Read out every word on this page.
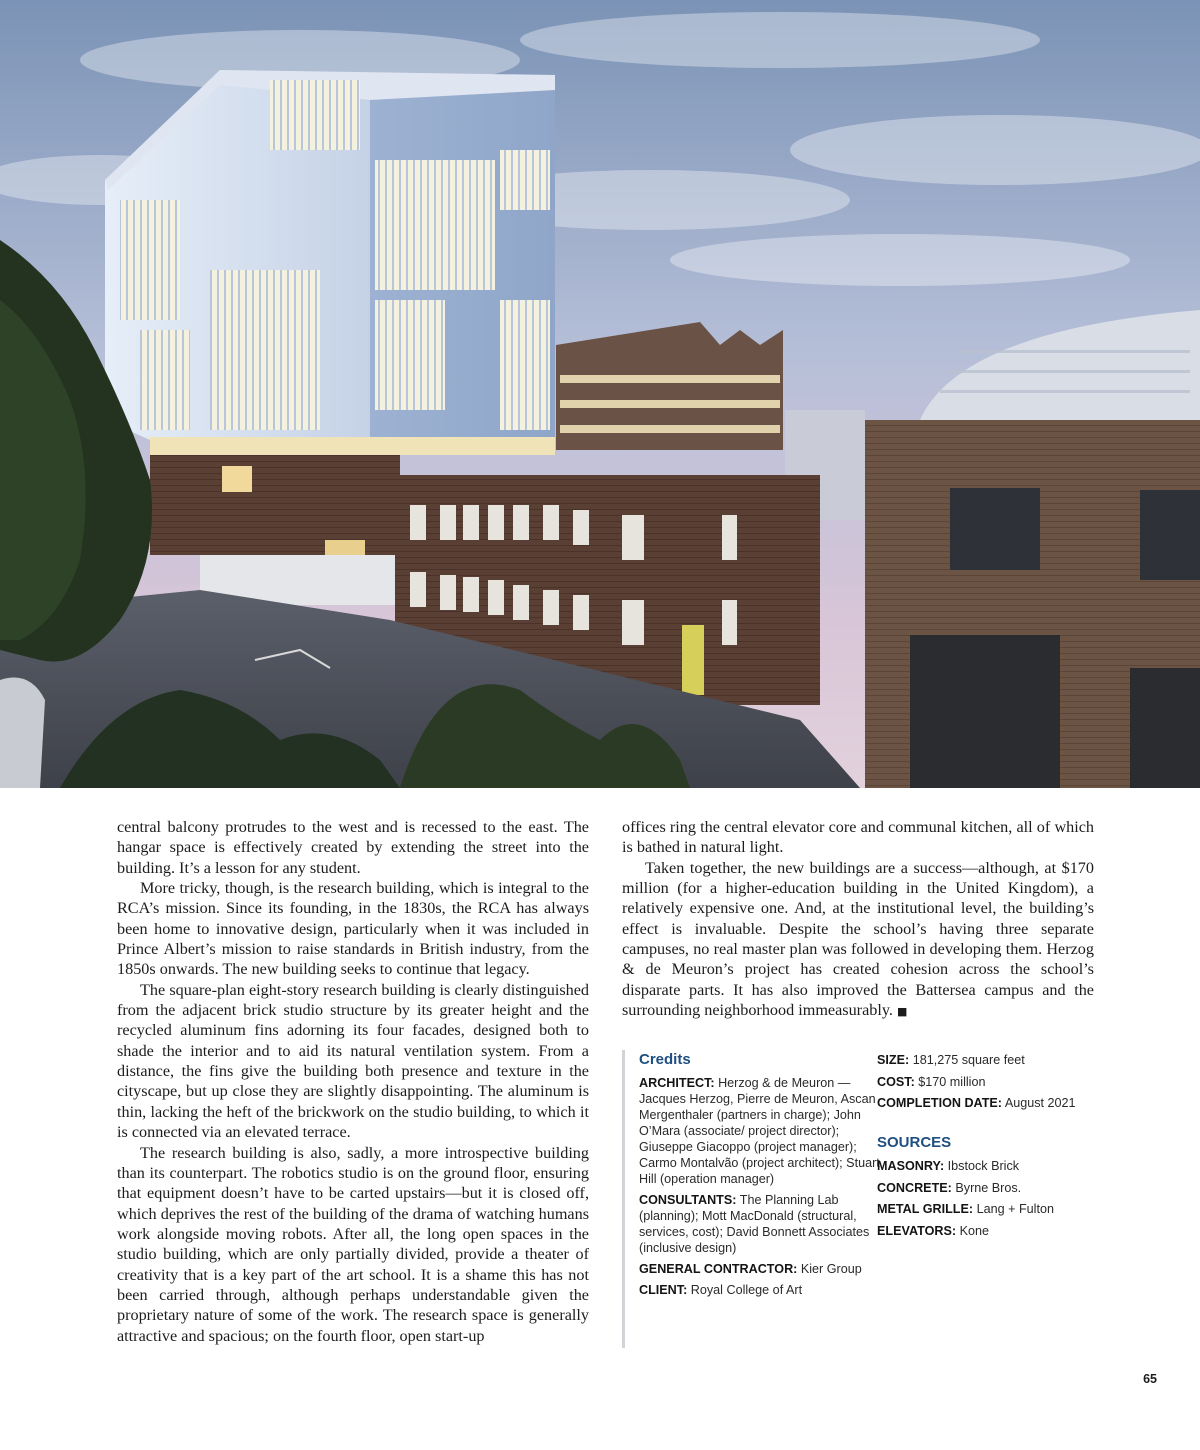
central balcony protrudes to the west and is recessed to the east. The hangar space is effectively created by extending the street into the building. It’s a lesson for any student.

More tricky, though, is the research building, which is integral to the RCA’s mission. Since its founding, in the 1830s, the RCA has always been home to innovative design, particularly when it was included in Prince Albert’s mission to raise standards in British industry, from the 1850s onwards. The new building seeks to continue that legacy.

The square-plan eight-story research building is clearly distinguished from the adjacent brick studio structure by its greater height and the recycled aluminum fins adorning its four facades, designed both to shade the interior and to aid its natural ventilation system. From a distance, the fins give the building both presence and texture in the cityscape, but up close they are slightly disappointing. The aluminum is thin, lacking the heft of the brickwork on the studio building, to which it is connected via an elevated terrace.

The research building is also, sadly, a more introspective building than its counterpart. The robotics studio is on the ground floor, ensuring that equipment doesn’t have to be carted upstairs—but it is closed off, which deprives the rest of the building of the drama of watching humans work alongside moving robots. After all, the long open spaces in the studio building, which are only partially divided, provide a theater of creativity that is a key part of the art school. It is a shame this has not been carried through, although perhaps understandable given the proprietary nature of some of the work. The research space is generally attractive and spacious; on the fourth floor, open start-up

offices ring the central elevator core and communal kitchen, all of which is bathed in natural light.

Taken together, the new buildings are a success—although, at $170 million (for a higher-education building in the United Kingdom), a relatively expensive one. And, at the institutional level, the building’s effect is invaluable. Despite the school’s having three separate campuses, no real master plan was followed in developing them. Herzog & de Meuron’s project has created cohesion across the school’s disparate parts. It has also improved the Battersea campus and the surrounding neighborhood immeasurably. ■

Credits
ARCHITECT: Herzog & de Meuron — Jacques Herzog, Pierre de Meuron, Ascan Mergenthaler (partners in charge); John O’Mara (associate/ project director); Giuseppe Giacoppo (project manager); Carmo Montalvão (project architect); Stuart Hill (operation manager)
CONSULTANTS: The Planning Lab (planning); Mott MacDonald (structural, services, cost); David Bonnett Associates (inclusive design)
GENERAL CONTRACTOR: Kier Group
CLIENT: Royal College of Art
SIZE: 181,275 square feet
COST: $170 million
COMPLETION DATE: August 2021
SOURCES
MASONRY: Ibstock Brick
CONCRETE: Byrne Bros.
METAL GRILLE: Lang + Fulton
ELEVATORS: Kone
65
